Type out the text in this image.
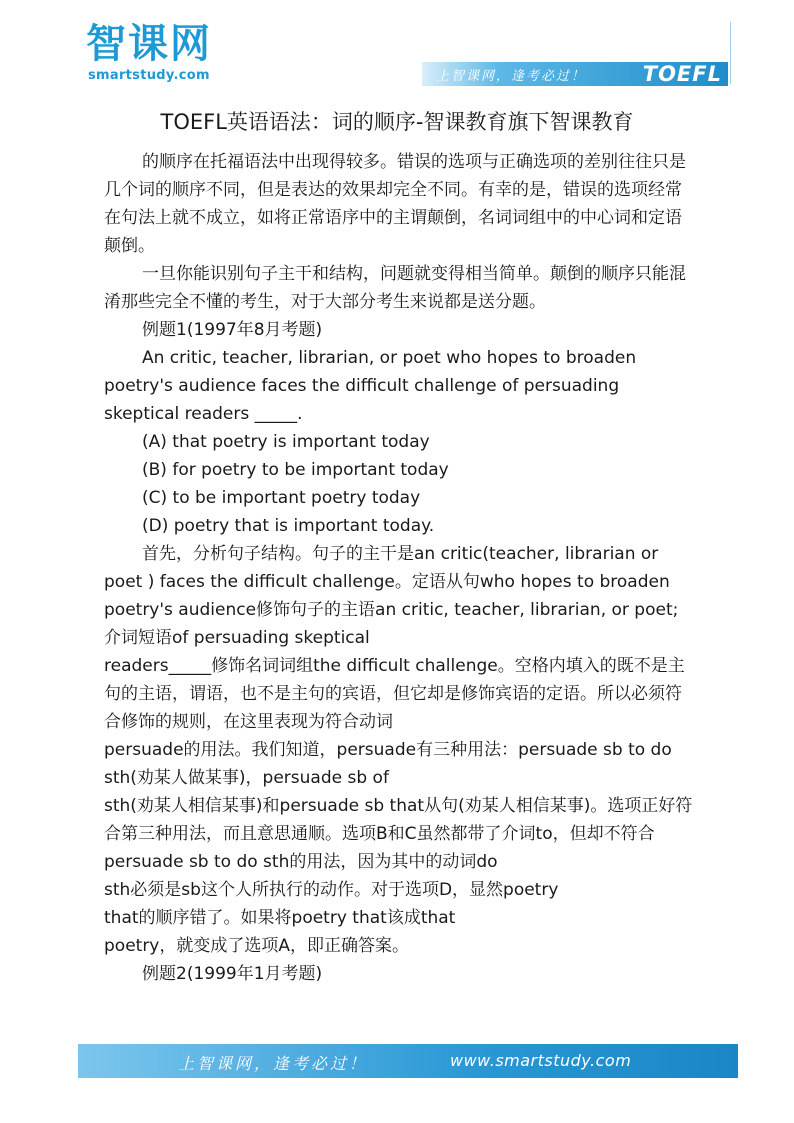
智课网
smartstudy.com	上智课网，逢考必过！	TOEFL
TOEFL英语语法：词的顺序-智课教育旗下智课教育

的顺序在托福语法中出现得较多。错误的选项与正确选项的差别往往只是几个词的顺序不同，但是表达的效果却完全不同。有幸的是，错误的选项经常在句法上就不成立，如将正常语序中的主谓颠倒，名词词组中的中心词和定语颠倒。

一旦你能识别句子主干和结构，问题就变得相当简单。颠倒的顺序只能混淆那些完全不懂的考生，对于大部分考生来说都是送分题。

例题1(1997年8月考题)

An critic, teacher, librarian, or poet who hopes to broaden poetry's audience faces the difficult challenge of persuading skeptical readers _____.

(A) that poetry is important today

(B) for poetry to be important today

(C) to be important poetry today

(D) poetry that is important today.

首先，分析句子结构。句子的主干是an critic(teacher, librarian or poet ) faces the difficult challenge。定语从句who hopes to broaden poetry's audience修饰句子的主语an critic, teacher, librarian, or poet;介词短语of persuading skeptical

readers_____修饰名词词组the difficult challenge。空格内填入的既不是主句的主语，谓语，也不是主句的宾语，但它却是修饰宾语的定语。所以必须符合修饰的规则，在这里表现为符合动词

persuade的用法。我们知道，persuade有三种用法：persuade sb to do sth(劝某人做某事)，persuade sb of

sth(劝某人相信某事)和persuade sb that从句(劝某人相信某事)。选项正好符合第三种用法，而且意思通顺。选项B和C虽然都带了介词to，但却不符合persuade sb to do sth的用法，因为其中的动词do

sth必须是sb这个人所执行的动作。对于选项D，显然poetry

that的顺序错了。如果将poetry that该成that

poetry，就变成了选项A，即正确答案。

例题2(1999年1月考题)

上智课网，逢考必过！	www.smartstudy.com
